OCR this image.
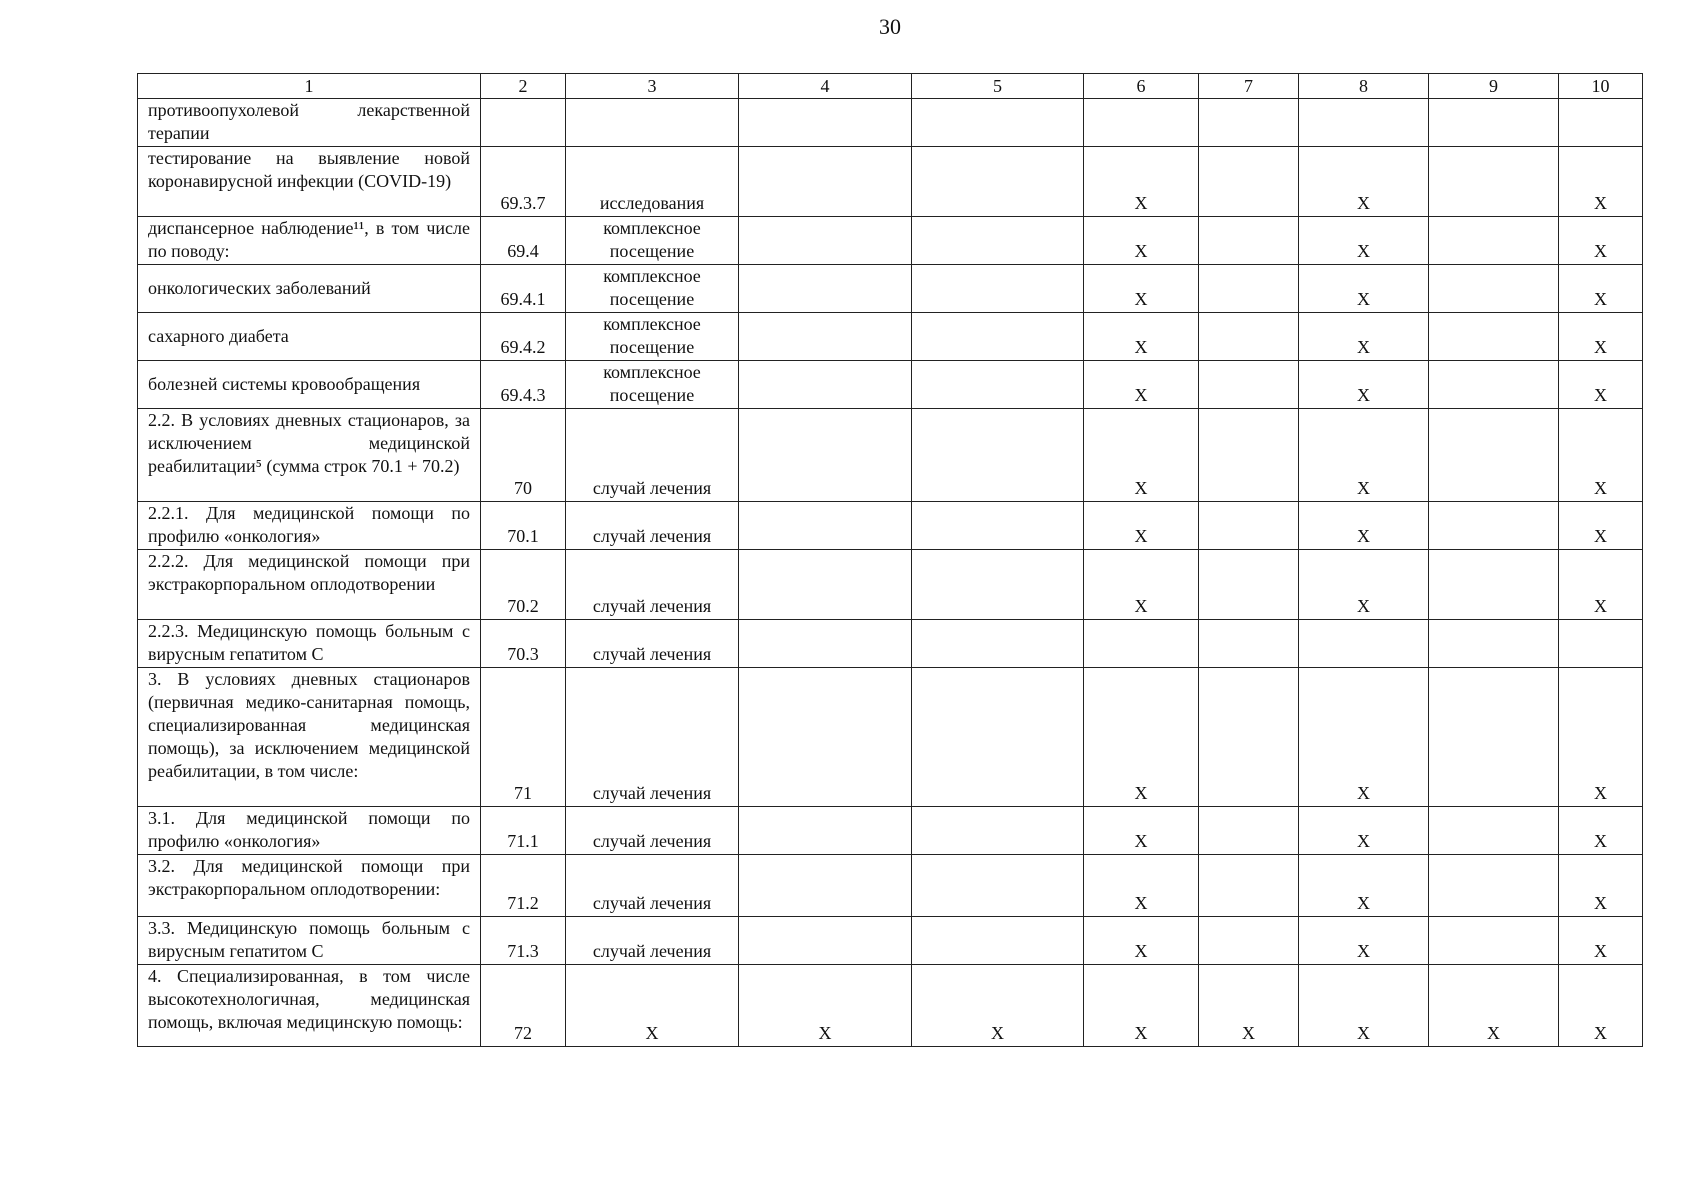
30
1	2	3	4	5	6	7	8	9	10
противоопухолевой лекарственной терапии									
тестирование на выявление новой коронавирусной инфекции (COVID-19)	69.3.7	исследования			X		X		X
диспансерное наблюдение¹¹, в том числе по поводу:	69.4	комплексное посещение			X		X		X
онкологических заболеваний	69.4.1	комплексное посещение			X		X		X
сахарного диабета	69.4.2	комплексное посещение			X		X		X
болезней системы кровообращения	69.4.3	комплексное посещение			X		X		X
2.2. В условиях дневных стационаров, за исключением медицинской реабилитации⁵ (сумма строк 70.1 + 70.2)	70	случай лечения			X		X		X
2.2.1. Для медицинской помощи по профилю «онкология»	70.1	случай лечения			X		X		X
2.2.2. Для медицинской помощи при экстракорпоральном оплодотворении	70.2	случай лечения			X		X		X
2.2.3. Медицинскую помощь больным с вирусным гепатитом С	70.3	случай лечения							
3. В условиях дневных стационаров (первичная медико-санитарная помощь, специализированная медицинская помощь), за исключением медицинской реабилитации, в том числе:	71	случай лечения			X		X		X
3.1. Для медицинской помощи по профилю «онкология»	71.1	случай лечения			X		X		X
3.2. Для медицинской помощи при экстракорпоральном оплодотворении:	71.2	случай лечения			X		X		X
3.3. Медицинскую помощь больным с вирусным гепатитом С	71.3	случай лечения			X		X		X
4. Специализированная, в том числе высокотехнологичная, медицинская помощь, включая медицинскую помощь:	72	X	X	X	X	X	X	X	X
